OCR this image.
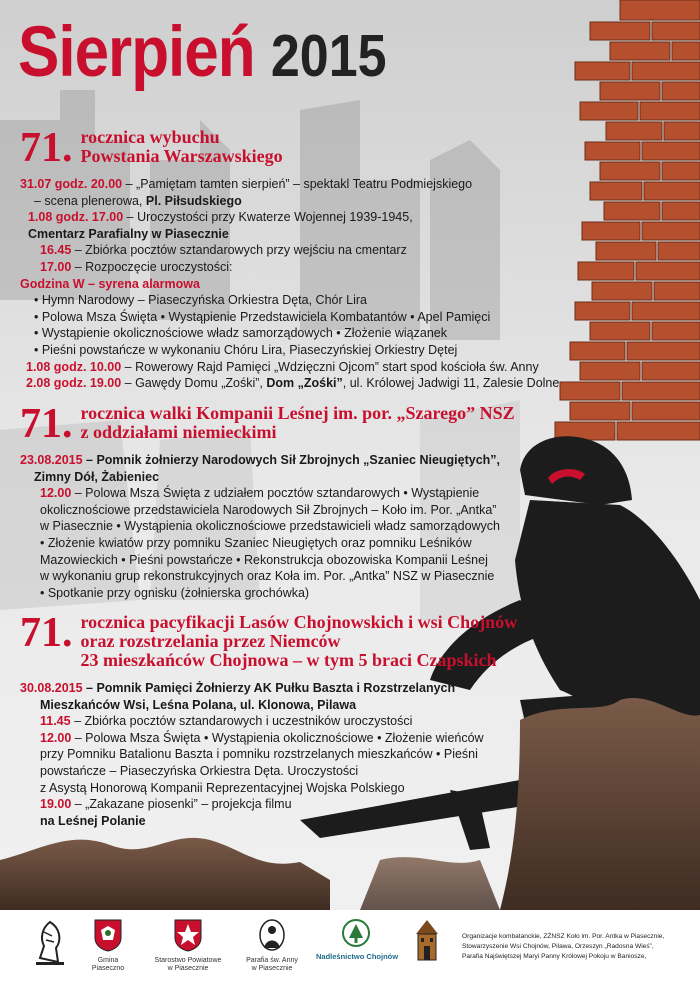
Sierpień 2015
71. rocznica wybuchu
Powstania Warszawskiego
31.07 godz. 20.00 – „Pamiętam tamten sierpień” – spektakl Teatru Podmiejskiego
– scena plenerowa, Pl. Piłsudskiego
1.08 godz. 17.00 – Uroczystości przy Kwaterze Wojennej 1939-1945,
Cmentarz Parafialny w Piasecznie
16.45 – Zbiórka pocztów sztandarowych przy wejściu na cmentarz
17.00 – Rozpoczęcie uroczystości:
Godzina W – syrena alarmowa
• Hymn Narodowy – Piaseczyńska Orkiestra Dęta, Chór Lira
• Polowa Msza Święta • Wystąpienie Przedstawiciela Kombatantów • Apel Pamięci
• Wystąpienie okolicznościowe władz samorządowych • Złożenie wiązanek
• Pieśni powstańcze w wykonaniu Chóru Lira, Piaseczyńskiej Orkiestry Dętej
1.08 godz. 10.00 – Rowerowy Rajd Pamięci „Wdzięczni Ojcom” start spod kościoła św. Anny
2.08 godz. 19.00 – Gawędy Domu „Zośki”, Dom „Zośki”, ul. Królowej Jadwigi 11, Zalesie Dolne
71. rocznica walki Kompanii Leśnej im. por. „Szarego” NSZ
z oddziałami niemieckimi
23.08.2015 – Pomnik żołnierzy Narodowych Sił Zbrojnych „Szaniec Nieugiętych”,
Zimny Dół, Żabieniec
12.00 – Polowa Msza Święta z udziałem pocztów sztandarowych • Wystąpienie
okolicznościowe przedstawiciela Narodowych Sił Zbrojnych – Koło im. Por. „Antka”
w Piasecznie • Wystąpienia okolicznościowe przedstawicieli władz samorządowych
• Złożenie kwiatów przy pomniku Szaniec Nieugiętych oraz pomniku Leśników
Mazowieckich • Pieśni powstańcze • Rekonstrukcja obozowiska Kompanii Leśnej
w wykonaniu grup rekonstrukcyjnych oraz Koła im. Por. „Antka” NSZ w Piasecznie
• Spotkanie przy ognisku (żołnierska grochówka)
71. rocznica pacyfikacji Lasów Chojnowskich i wsi Chojnów
oraz rozstrzelania przez Niemców
23 mieszkańców Chojnowa – w tym 5 braci Czapskich
30.08.2015 – Pomnik Pamięci Żołnierzy AK Pułku Baszta i Rozstrzelanych
Mieszkańców Wsi, Leśna Polana, ul. Klonowa, Pilawa
11.45 – Zbiórka pocztów sztandarowych i uczestników uroczystości
12.00 – Polowa Msza Święta • Wystąpienia okolicznościowe • Złożenie wieńców
przy Pomniku Batalionu Baszta i pomniku rozstrzelanych mieszkańców • Pieśni
powstańcze – Piaseczyńska Orkiestra Dęta. Uroczystości
z Asystą Honorową Kompanii Reprezentacyjnej Wojska Polskiego
19.00 – „Zakazane piosenki” – projekcja filmu
na Leśnej Polanie
Gmina
Piaseczno
Starostwo Powiatowe
w Piasecznie
Parafia św. Anny
w Piasecznie
Nadleśnictwo Chojnów
Organizacje kombatanckie, ZŻNSZ Koło im. Por. Antka w Piasecznie,
Stowarzyszenie Wsi Chojnów, Pilawa, Orzeszyn „Radosna Wieś”,
Parafia Najświętszej Maryi Panny Królowej Pokoju w Baniosze,
